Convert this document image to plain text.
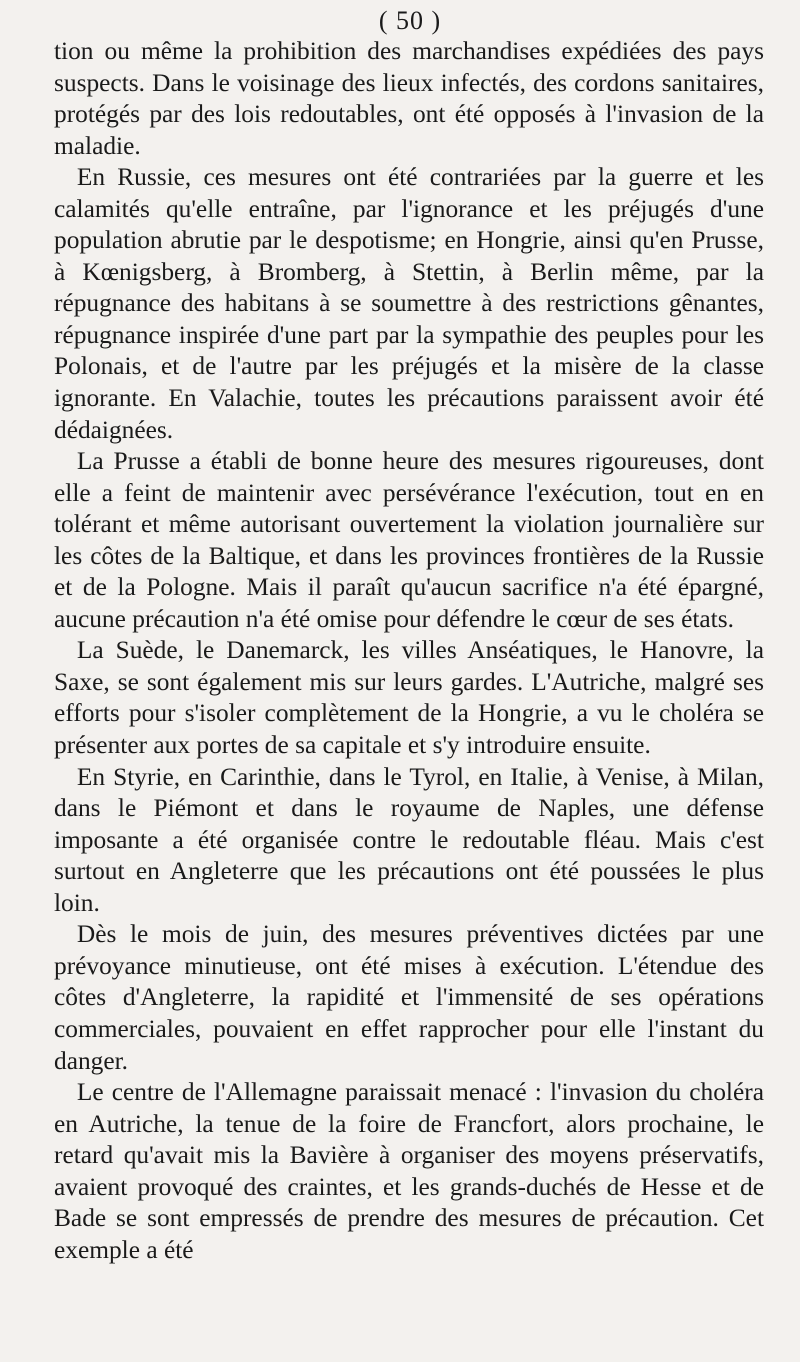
( 50 )

tion ou même la prohibition des marchandises expédiées des pays suspects. Dans le voisinage des lieux infectés, des cordons sanitaires, protégés par des lois redoutables, ont été opposés à l'invasion de la maladie.

En Russie, ces mesures ont été contrariées par la guerre et les calamités qu'elle entraîne, par l'ignorance et les préjugés d'une population abrutie par le despotisme; en Hongrie, ainsi qu'en Prusse, à Kœnigsberg, à Bromberg, à Stettin, à Berlin même, par la répugnance des habitans à se soumettre à des restrictions gênantes, répugnance inspirée d'une part par la sympathie des peuples pour les Polonais, et de l'autre par les préjugés et la misère de la classe ignorante. En Valachie, toutes les précautions paraissent avoir été dédaignées.

La Prusse a établi de bonne heure des mesures rigoureuses, dont elle a feint de maintenir avec persévérance l'exécution, tout en en tolérant et même autorisant ouvertement la violation journalière sur les côtes de la Baltique, et dans les provinces frontières de la Russie et de la Pologne. Mais il paraît qu'aucun sacrifice n'a été épargné, aucune précaution n'a été omise pour défendre le cœur de ses états.

La Suède, le Danemarck, les villes Anséatiques, le Hanovre, la Saxe, se sont également mis sur leurs gardes. L'Autriche, malgré ses efforts pour s'isoler complètement de la Hongrie, a vu le choléra se présenter aux portes de sa capitale et s'y introduire ensuite.

En Styrie, en Carinthie, dans le Tyrol, en Italie, à Venise, à Milan, dans le Piémont et dans le royaume de Naples, une défense imposante a été organisée contre le redoutable fléau. Mais c'est surtout en Angleterre que les précautions ont été poussées le plus loin.

Dès le mois de juin, des mesures préventives dictées par une prévoyance minutieuse, ont été mises à exécution. L'étendue des côtes d'Angleterre, la rapidité et l'immensité de ses opérations commerciales, pouvaient en effet rapprocher pour elle l'instant du danger.

Le centre de l'Allemagne paraissait menacé : l'invasion du choléra en Autriche, la tenue de la foire de Francfort, alors prochaine, le retard qu'avait mis la Bavière à organiser des moyens préservatifs, avaient provoqué des craintes, et les grands-duchés de Hesse et de Bade se sont empressés de prendre des mesures de précaution. Cet exemple a été
